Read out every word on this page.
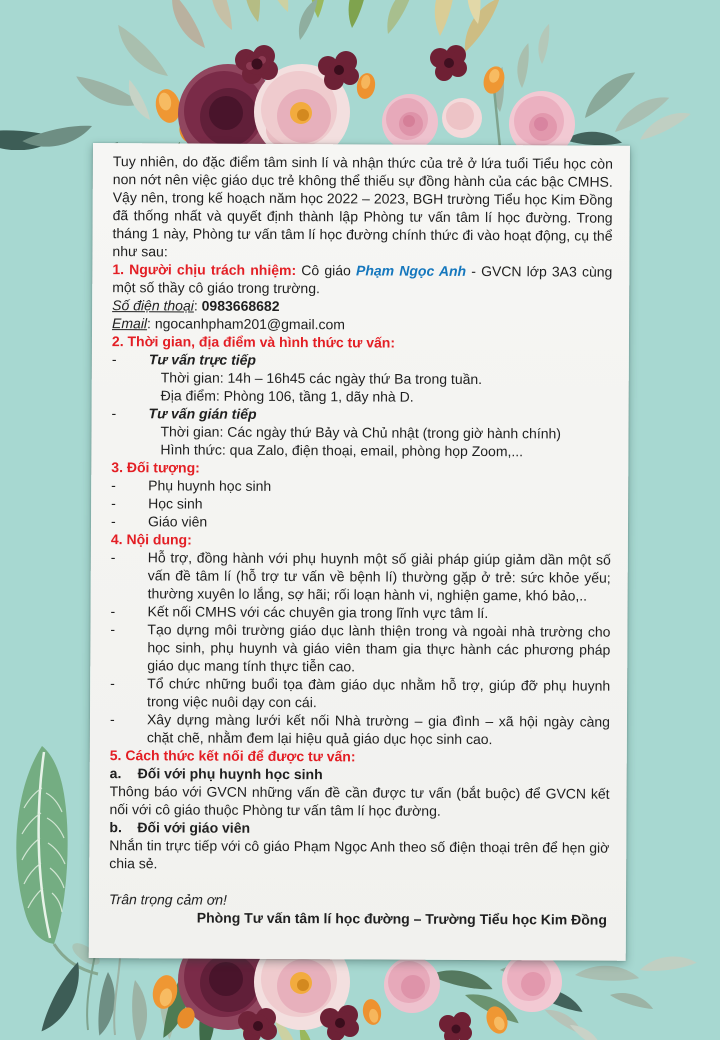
Tuy nhiên, do đặc điểm tâm sinh lí và nhận thức của trẻ ở lứa tuổi Tiểu học còn non nớt nên việc giáo dục trẻ không thể thiếu sự đồng hành của các bậc CMHS. Vậy nên, trong kế hoạch năm học 2022 – 2023, BGH trường Tiểu học Kim Đồng đã thống nhất và quyết định thành lập Phòng tư vấn tâm lí học đường. Trong tháng 1 này, Phòng tư vấn tâm lí học đường chính thức đi vào hoạt động, cụ thể như sau:

1. Người chịu trách nhiệm: Cô giáo Phạm Ngọc Anh - GVCN lớp 3A3 cùng một số thầy cô giáo trong trường.

Số điện thoại: 0983668682
Email: ngocanhpham201@gmail.com
2. Thời gian, địa điểm và hình thức tư vấn:
- Tư vấn trực tiếp
Thời gian: 14h – 16h45 các ngày thứ Ba trong tuần.
Địa điểm: Phòng 106, tầng 1, dãy nhà D.
- Tư vấn gián tiếp
Thời gian: Các ngày thứ Bảy và Chủ nhật (trong giờ hành chính)
Hình thức: qua Zalo, điện thoại, email, phòng họp Zoom,...
3. Đối tượng:
- Phụ huynh học sinh
- Học sinh
- Giáo viên
4. Nội dung:
- Hỗ trợ, đồng hành với phụ huynh một số giải pháp giúp giảm dần một số vấn đề tâm lí (hỗ trợ tư vấn về bệnh lí) thường gặp ở trẻ: sức khỏe yếu; thường xuyên lo lắng, sợ hãi; rối loạn hành vi, nghiện game, khó bảo,..
- Kết nối CMHS với các chuyên gia trong lĩnh vực tâm lí.
- Tạo dựng môi trường giáo dục lành thiện trong và ngoài nhà trường cho học sinh, phụ huynh và giáo viên tham gia thực hành các phương pháp giáo dục mang tính thực tiễn cao.
- Tổ chức những buổi tọa đàm giáo dục nhằm hỗ trợ, giúp đỡ phụ huynh trong việc nuôi dạy con cái.
- Xây dựng màng lưới kết nối Nhà trường – gia đình – xã hội ngày càng chặt chẽ, nhằm đem lại hiệu quả giáo dục học sinh cao.
5. Cách thức kết nối để được tư vấn:
a. Đối với phụ huynh học sinh

Thông báo với GVCN những vấn đề cần được tư vấn (bắt buộc) để GVCN kết nối với cô giáo thuộc Phòng tư vấn tâm lí học đường.

b. Đối với giáo viên

Nhắn tin trực tiếp với cô giáo Phạm Ngọc Anh theo số điện thoại trên để hẹn giờ chia sẻ.

Trân trọng cảm ơn!

Phòng Tư vấn tâm lí học đường – Trường Tiểu học Kim Đồng
